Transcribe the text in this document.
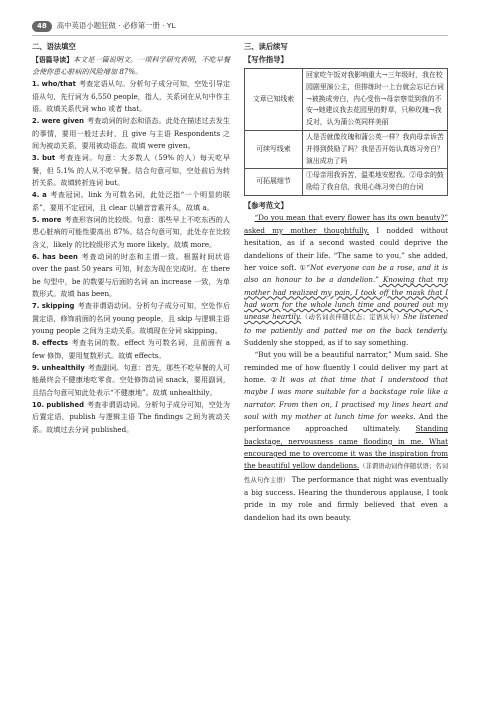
48	高中英语小题狂做 · 必修第一册 · YL
二、语法填空
【语篇导读】本文是一篇说明文。一项科学研究表明，不吃早餐会使你患心脏病的风险增加 87%。
1. who/that 考查定语从句。分析句子成分可知，空处引导定语从句，先行词为 6,550 people，指人，关系词在从句中作主语。故填关系代词 who 或者 that。
2. were given 考查动词的时态和语态。此处在描述过去发生的事情，要用一般过去时，且 give 与主语 Respondents 之间为被动关系，要用被动语态。故填 were given。
3. but 考查连词。句意：大多数人（59% 的人）每天吃早餐，但 5.1% 的人从不吃早餐。结合句意可知，空处前后为转折关系。故填转折连词 but。
4. a 考查冠词。link 为可数名词，此处泛指“一个明显的联系”，要用不定冠词，且 clear 以辅音音素开头，故填 a。
5. more 考查形容词的比较级。句意：那些早上不吃东西的人患心脏病的可能性要高出 87%。结合句意可知，此处存在比较含义，likely 的比较级形式为 more likely。故填 more。
6. has been 考查动词的时态和主谓一致。根据时间状语 over the past 50 years 可知，时态为现在完成时。在 there be 句型中，be 的数要与后面的名词 an increase 一致，为单数形式。故填 has been。
7. skipping 考查非谓语动词。分析句子成分可知，空处作后置定语，修饰前面的名词 young people，且 skip 与逻辑主语 young people 之间为主动关系。故填现在分词 skipping。
8. effects 考查名词的数。effect 为可数名词，且前面有 a few 修饰，要用复数形式。故填 effects。
9. unhealthily 考查副词。句意：首先，那些不吃早餐的人可能最终会不健康地吃零食。空处修饰动词 snack，要用副词，且结合句意可知此处表示“不健康地”。故填 unhealthily。
10. published 考查非谓语动词。分析句子成分可知，空处为后置定语，publish 与逻辑主语 The findings 之间为被动关系。故填过去分词 published。
三、读后续写
【写作指导】
文章已知线索	回家吃午饭对我影响重大→三年级时，我在校园剧里演公主，但排练时一上台就会忘记台词→被换成旁白，内心受伤→母亲察觉到我的不安→她建议我去花园里的野草，只种玫瑰→我反对，认为蒲公英同样美丽
可续写线索	人是否就像玫瑰和蒲公英一样？我向母亲诉苦并得到鼓励了吗？我是否开始认真练习旁白？演出成功了吗
可拓展细节	①母亲用我诉苦，温柔地安慰我。②母亲的鼓励给了我自信，我用心练习旁白的台词
【参考范文】
“Do you mean that every flower has its own beauty?” asked my mother thoughtfully. I nodded without hesitation, as if a second wasted could deprive the dandelions of their life. “The same to you,” she added, her voice soft. ①“Not everyone can be a rose, and it is also an honour to be a dandelion.” Knowing that my mother had realized my pain, I took off the mask that I had worn for the whole lunch time and poured out my unease heartily.（动名词表伴随状态；定语从句）She listened to me patiently and patted me on the back tenderly. Suddenly she stopped, as if to say something.
“But you will be a beautiful narrator,” Mum said. She reminded me of how fluently I could deliver my part at home. ②It was at that time that I understood that maybe I was more suitable for a backstage role like a narrator. From then on, I practised my lines heart and soul with my mother at lunch time for weeks. And the performance approached ultimately. Standing backstage, nervousness came flooding in me. What encouraged me to overcome it was the inspiration from the beautiful yellow dandelions.（非谓语动词作伴随状语；名词性从句作主语） The performance that night was eventually a big success. Hearing the thunderous applause, I took pride in my role and firmly believed that even a dandelion had its own beauty.
